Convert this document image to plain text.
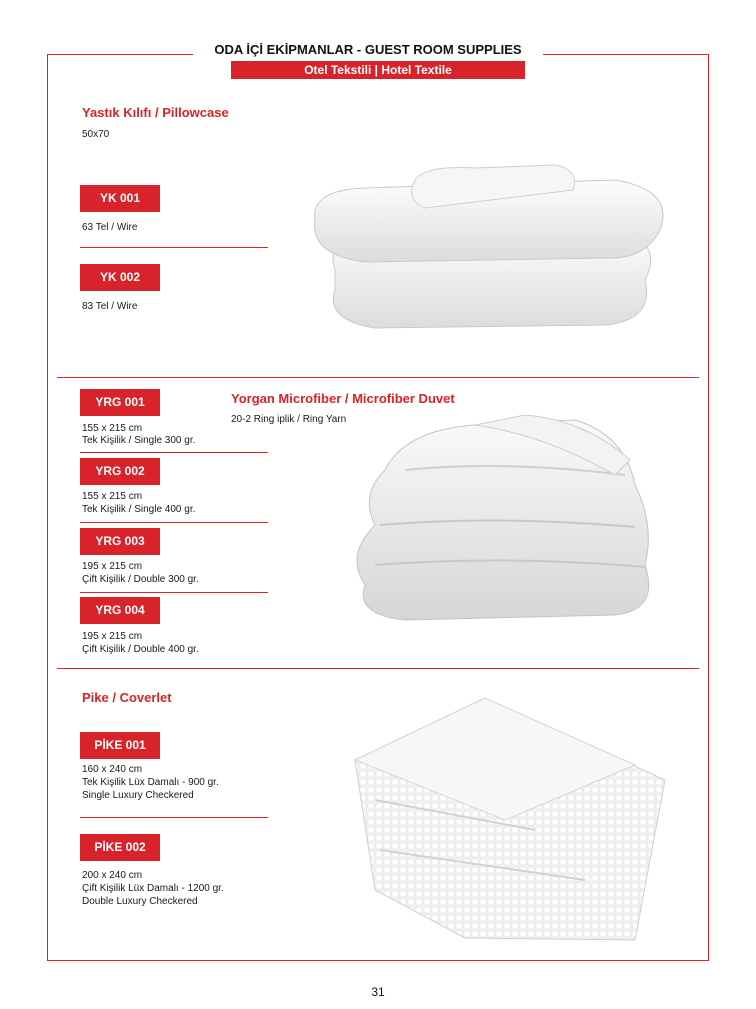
ODA İÇİ EKİPMANLAR - GUEST ROOM SUPPLIES
Otel Tekstili | Hotel Textile
Yastık Kılıfı / Pillowcase
50x70
YK 001
63 Tel / Wire
YK 002
83 Tel / Wire
Yorgan Microfiber / Microfiber Duvet
20-2 Ring iplik / Ring Yarn
YRG 001
155 x 215 cm
Tek Kişilik / Single 300 gr.
YRG 002
155 x 215 cm
Tek Kişilik / Single 400 gr.
YRG 003
195 x 215 cm
Çift Kişilik / Double 300 gr.
YRG 004
195 x 215 cm
Çift Kişilik / Double 400 gr.
Pike / Coverlet
PİKE 001
160 x 240 cm
Tek Kişilik Lüx Damalı - 900 gr.
Single Luxury Checkered
PİKE 002
200 x 240 cm
Çift Kişilik Lüx Damalı - 1200 gr.
Double Luxury Checkered
31
